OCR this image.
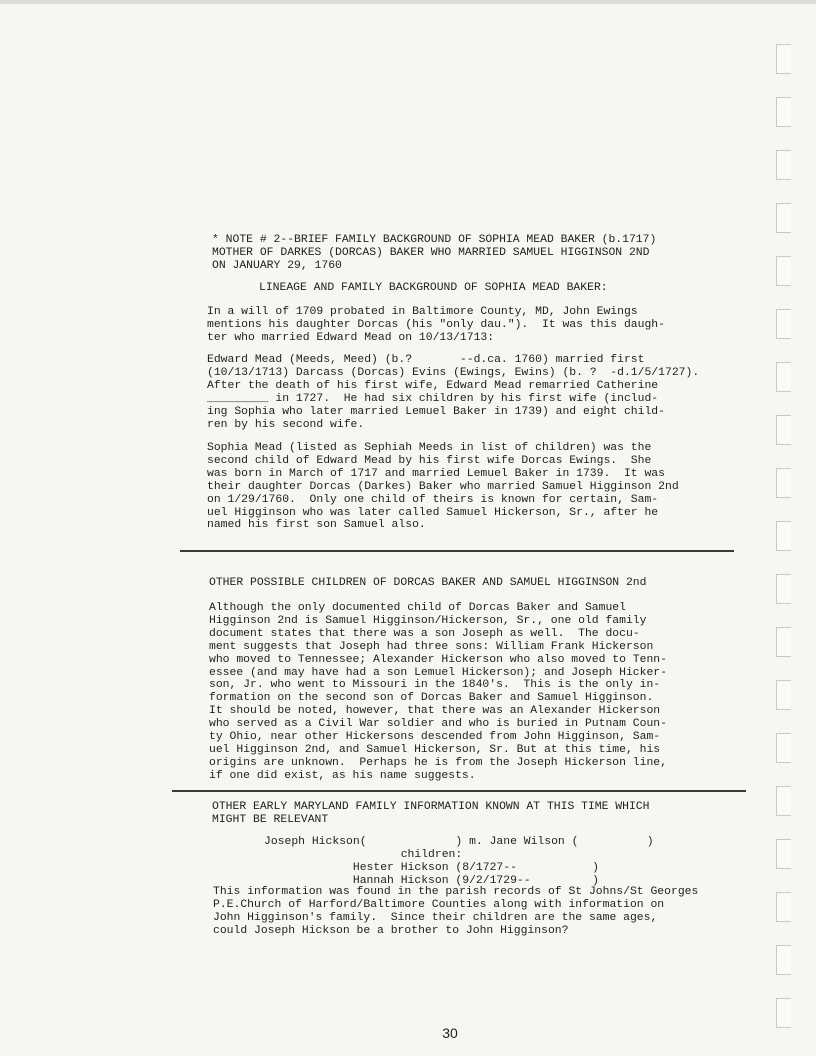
* NOTE # 2--BRIEF FAMILY BACKGROUND OF SOPHIA MEAD BAKER (b.1717)
MOTHER OF DARKES (DORCAS) BAKER WHO MARRIED SAMUEL HIGGINSON 2ND
ON JANUARY 29, 1760
LINEAGE AND FAMILY BACKGROUND OF SOPHIA MEAD BAKER:
In a will of 1709 probated in Baltimore County, MD, John Ewings
mentions his daughter Dorcas (his "only dau.").  It was this daugh-
ter who married Edward Mead on 10/13/1713:
Edward Mead (Meeds, Meed) (b.?       --d.ca. 1760) married first
(10/13/1713) Darcass (Dorcas) Evins (Ewings, Ewins) (b. ?  -d.1/5/1727).
After the death of his first wife, Edward Mead remarried Catherine
_________ in 1727.  He had six children by his first wife (includ-
ing Sophia who later married Lemuel Baker in 1739) and eight child-
ren by his second wife.
Sophia Mead (listed as Sephiah Meeds in list of children) was the
second child of Edward Mead by his first wife Dorcas Ewings.  She
was born in March of 1717 and married Lemuel Baker in 1739.  It was
their daughter Dorcas (Darkes) Baker who married Samuel Higginson 2nd
on 1/29/1760.  Only one child of theirs is known for certain, Sam-
uel Higginson who was later called Samuel Hickerson, Sr., after he
named his first son Samuel also.
OTHER POSSIBLE CHILDREN OF DORCAS BAKER AND SAMUEL HIGGINSON 2nd
Although the only documented child of Dorcas Baker and Samuel
Higginson 2nd is Samuel Higginson/Hickerson, Sr., one old family
document states that there was a son Joseph as well.  The docu-
ment suggests that Joseph had three sons: William Frank Hickerson
who moved to Tennessee; Alexander Hickerson who also moved to Tenn-
essee (and may have had a son Lemuel Hickerson); and Joseph Hicker-
son, Jr. who went to Missouri in the 1840's.  This is the only in-
formation on the second son of Dorcas Baker and Samuel Higginson.
It should be noted, however, that there was an Alexander Hickerson
who served as a Civil War soldier and who is buried in Putnam Coun-
ty Ohio, near other Hickersons descended from John Higginson, Sam-
uel Higginson 2nd, and Samuel Hickerson, Sr. But at this time, his
origins are unknown.  Perhaps he is from the Joseph Hickerson line,
if one did exist, as his name suggests.
OTHER EARLY MARYLAND FAMILY INFORMATION KNOWN AT THIS TIME WHICH
MIGHT BE RELEVANT
Joseph Hickson(             ) m. Jane Wilson (          )
children:
Hester Hickson (8/1727--           )
Hannah Hickson (9/2/1729--         )
This information was found in the parish records of St Johns/St Georges
P.E.Church of Harford/Baltimore Counties along with information on
John Higginson's family.  Since their children are the same ages,
could Joseph Hickson be a brother to John Higginson?
30
